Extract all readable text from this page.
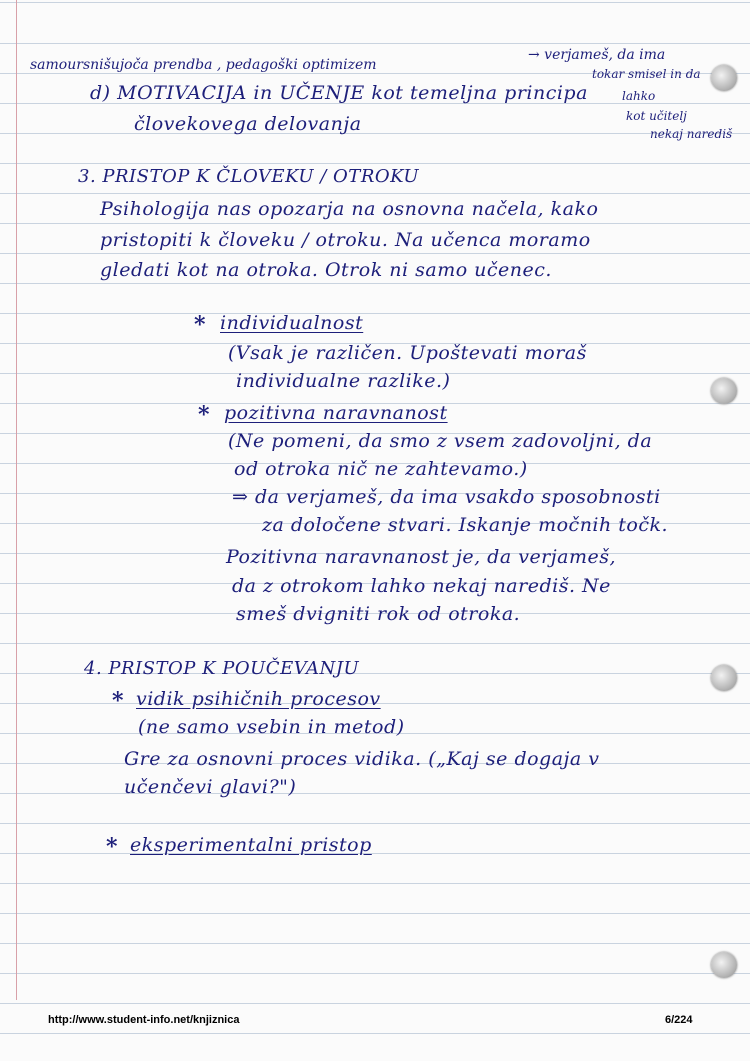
samoursnišujoča prendba , pedagoški optimizem
→ verjameš, da ima
tokar smisel in da
d) MOTIVACIJA in UČENJE kot temeljna principa	lahko
človekovega delovanja	kot učitelj
nekaj narediš
3. PRISTOP K ČLOVEKU / OTROKU
Psihologija nas opozarja na osnovna načela, kako
pristopiti k človeku / otroku. Na učenca moramo
gledati kot na otroka. Otrok ni samo učenec.
* individualnost
(Vsak je različen. Upoštevati moraš
individualne razlike.)
* pozitivna naravnanost
(Ne pomeni, da smo z vsem zadovoljni, da
od otroka nič ne zahtevamo.)
⇒ da verjameš, da ima vsakdo sposobnosti
za določene stvari. Iskanje močnih točk.
Pozitivna naravnanost je, da verjameš,
da z otrokom lahko nekaj narediš. Ne
smeš dvigniti rok od otroka.
4. PRISTOP K POUČEVANJU
* vidik psihičnih procesov
(ne samo vsebin in metod)
Gre za osnovni proces vidika. („Kaj se dogaja v
učenčevi glavi?")
* eksperimentalni pristop
http://www.student-info.net/knjiznica	6/224
